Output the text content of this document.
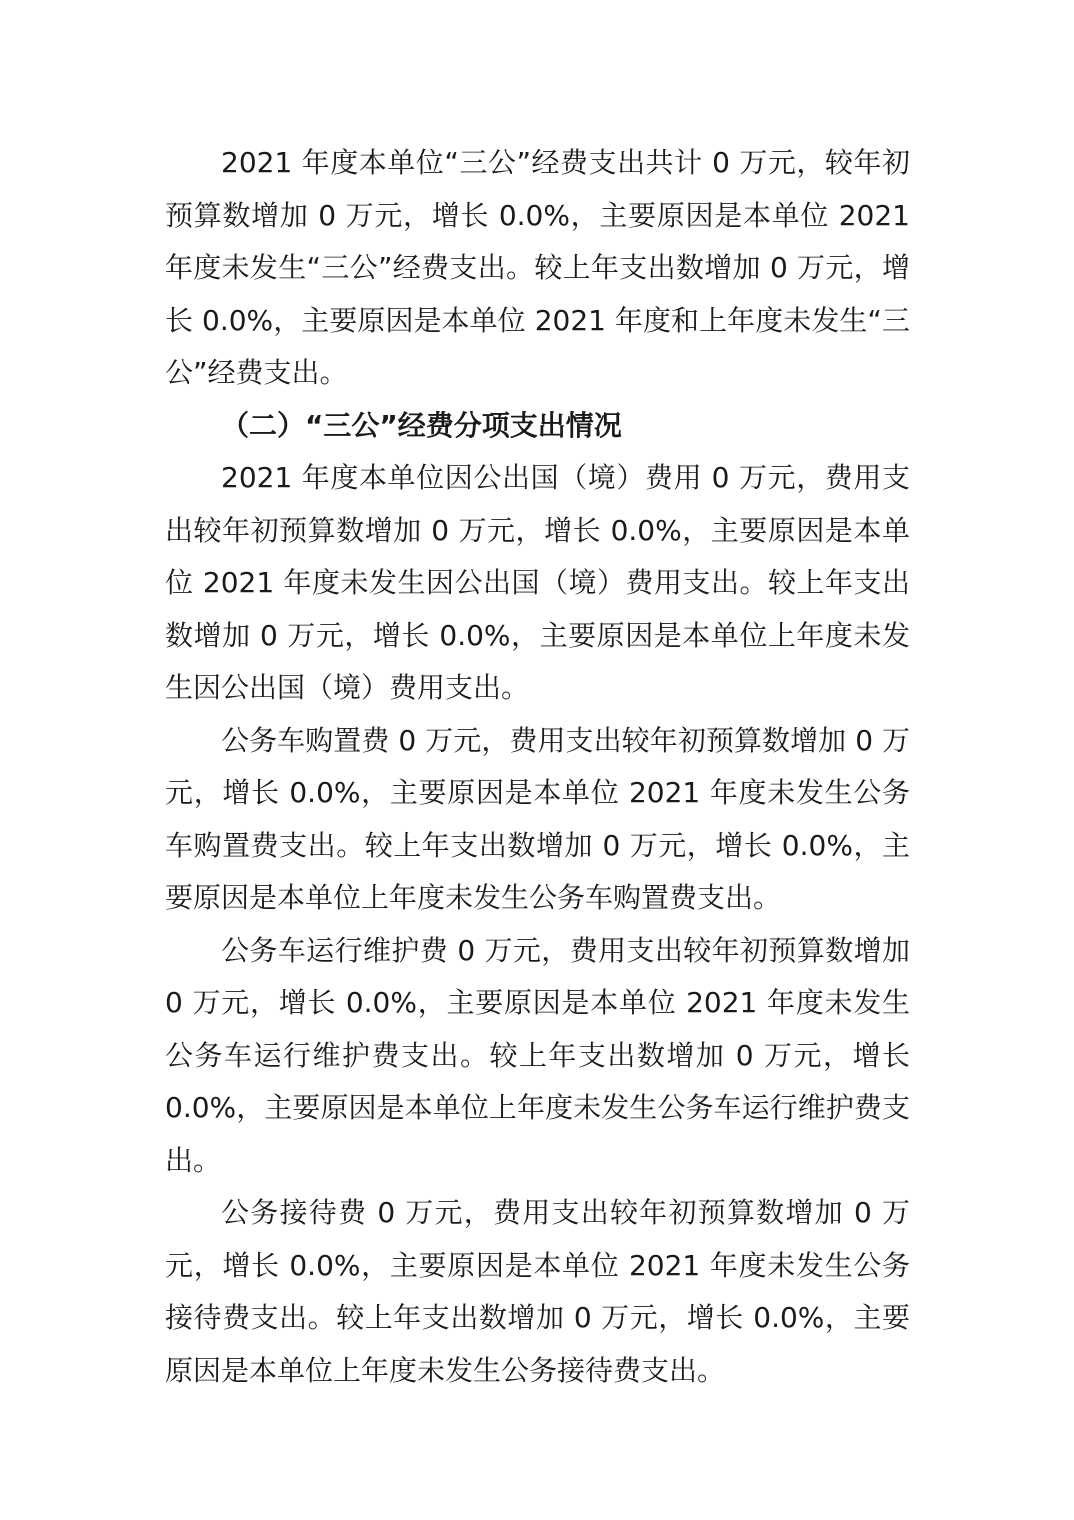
2021 年度本单位“三公”经费支出共计 0 万元，较年初预算数增加 0 万元，增长 0.0%，主要原因是本单位 2021 年度未发生“三公”经费支出。较上年支出数增加 0 万元，增长 0.0%，主要原因是本单位 2021 年度和上年度未发生“三公”经费支出。

（二）“三公”经费分项支出情况

2021 年度本单位因公出国（境）费用 0 万元，费用支出较年初预算数增加 0 万元，增长 0.0%，主要原因是本单位 2021 年度未发生因公出国（境）费用支出。较上年支出数增加 0 万元，增长 0.0%，主要原因是本单位上年度未发生因公出国（境）费用支出。

公务车购置费 0 万元，费用支出较年初预算数增加 0 万元，增长 0.0%，主要原因是本单位 2021 年度未发生公务车购置费支出。较上年支出数增加 0 万元，增长 0.0%，主要原因是本单位上年度未发生公务车购置费支出。

公务车运行维护费 0 万元，费用支出较年初预算数增加 0 万元，增长 0.0%，主要原因是本单位 2021 年度未发生公务车运行维护费支出。较上年支出数增加 0 万元，增长 0.0%，主要原因是本单位上年度未发生公务车运行维护费支出。

公务接待费 0 万元，费用支出较年初预算数增加 0 万元，增长 0.0%，主要原因是本单位 2021 年度未发生公务接待费支出。较上年支出数增加 0 万元，增长 0.0%，主要原因是本单位上年度未发生公务接待费支出。
